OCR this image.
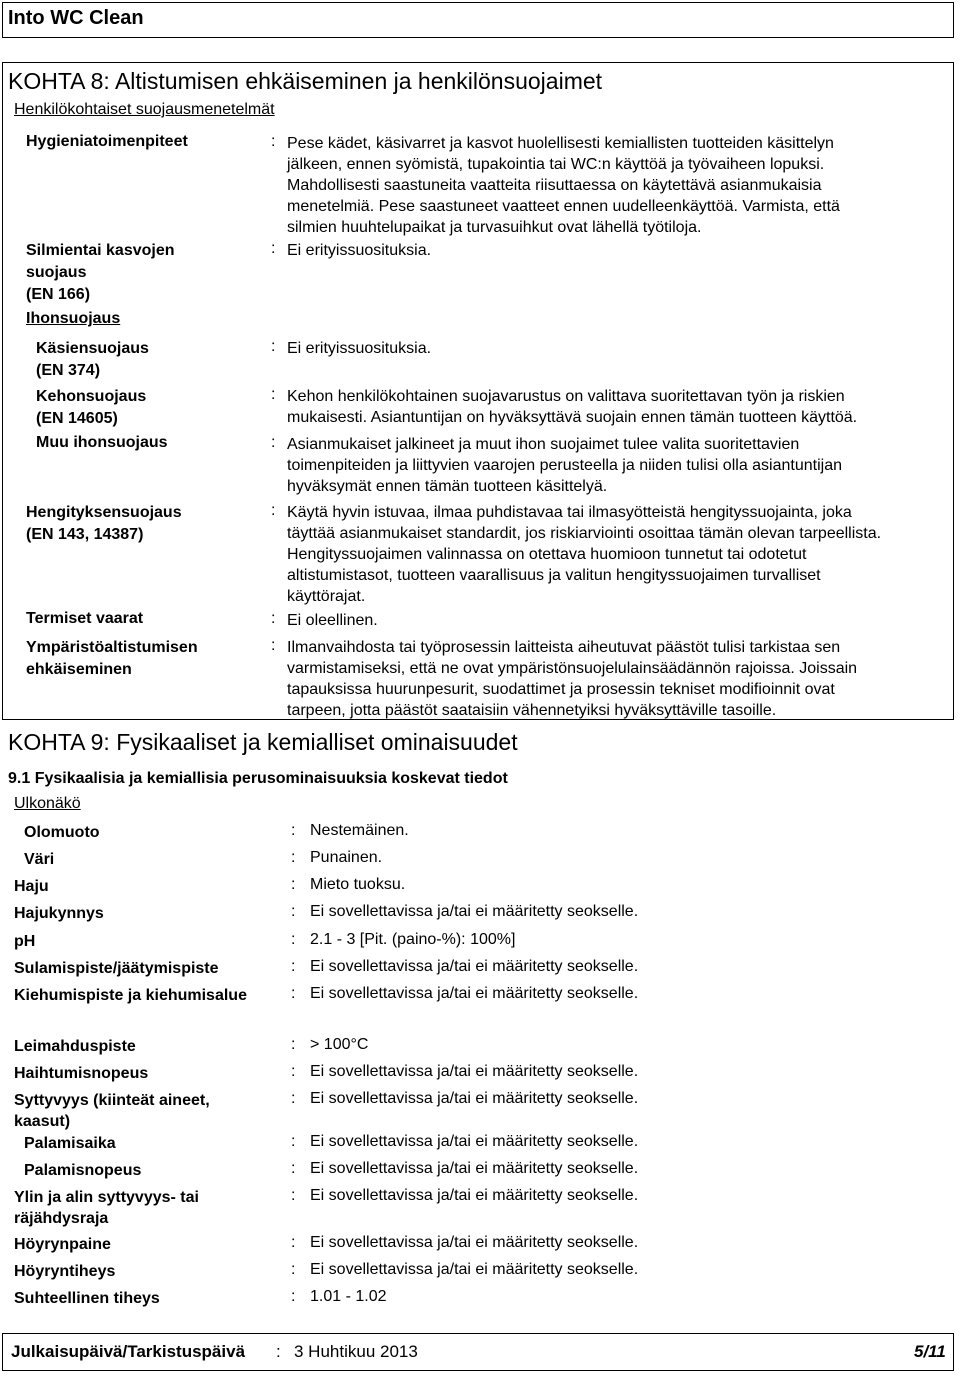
Into WC Clean
KOHTA 8: Altistumisen ehkäiseminen ja henkilönsuojaimet
Henkilökohtaiset suojausmenetelmät
Hygieniatoimenpiteet	: Pese kädet, käsivarret ja kasvot huolellisesti kemiallisten tuotteiden käsittelyn
jälkeen, ennen syömistä, tupakointia tai WC:n käyttöä ja työvaiheen lopuksi.
Mahdollisesti saastuneita vaatteita riisuttaessa on käytettävä asianmukaisia
menetelmiä. Pese saastuneet vaatteet ennen uudelleenkäyttöä. Varmista, että
silmien huuhtelupaikat ja turvasuihkut ovat lähellä työtiloja.
Silmientai kasvojen
suojaus
(EN 166)
: Ei erityissuosituksia.
Ihonsuojaus
Käsiensuojaus
(EN 374)
: Ei erityissuosituksia.
Kehonsuojaus
(EN 14605)
: Kehon henkilökohtainen suojavarustus on valittava suoritettavan työn ja riskien
mukaisesti. Asiantuntijan on hyväksyttävä suojain ennen tämän tuotteen käyttöä.
Muu ihonsuojaus	: Asianmukaiset jalkineet ja muut ihon suojaimet tulee valita suoritettavien
toimenpiteiden ja liittyvien vaarojen perusteella ja niiden tulisi olla asiantuntijan
hyväksymät ennen tämän tuotteen käsittelyä.
Hengityksensuojaus
(EN 143, 14387)
: Käytä hyvin istuvaa, ilmaa puhdistavaa tai ilmasyötteistä hengityssuojainta, joka
täyttää asianmukaiset standardit, jos riskiarviointi osoittaa tämän olevan tarpeellista.
Hengityssuojaimen valinnassa on otettava huomioon tunnetut tai odotetut
altistumistasot, tuotteen vaarallisuus ja valitun hengityssuojaimen turvalliset
käyttörajat.
Termiset vaarat	: Ei oleellinen.
Ympäristöaltistumisen
ehkäiseminen
: Ilmanvaihdosta tai työprosessin laitteista aiheutuvat päästöt tulisi tarkistaa sen
varmistamiseksi, että ne ovat ympäristönsuojelulainsäädännön rajoissa. Joissain
tapauksissa huurunpesurit, suodattimet ja prosessin tekniset modifioinnit ovat
tarpeen, jotta päästöt saataisiin vähennetyiksi hyväksyttäville tasoille.
KOHTA 9: Fysikaaliset ja kemialliset ominaisuudet
9.1 Fysikaalisia ja kemiallisia perusominaisuuksia koskevat tiedot
Ulkonäkö
Olomuoto	: Nestemäinen.
Väri	: Punainen.
Haju	: Mieto tuoksu.
Hajukynnys	: Ei sovellettavissa ja/tai ei määritetty seokselle.
pH	: 2.1 - 3 [Pit. (paino-%): 100%]
Sulamispiste/jäätymispiste	: Ei sovellettavissa ja/tai ei määritetty seokselle.
Kiehumispiste ja kiehumisalue	: Ei sovellettavissa ja/tai ei määritetty seokselle.
Leimahduspiste	: > 100°C
Haihtumisnopeus	: Ei sovellettavissa ja/tai ei määritetty seokselle.
Syttyvyys (kiinteät aineet,
kaasut)
: Ei sovellettavissa ja/tai ei määritetty seokselle.
Palamisaika	: Ei sovellettavissa ja/tai ei määritetty seokselle.
Palamisnopeus	: Ei sovellettavissa ja/tai ei määritetty seokselle.
Ylin ja alin syttyvyys- tai
räjähdysraja
: Ei sovellettavissa ja/tai ei määritetty seokselle.
Höyrynpaine	: Ei sovellettavissa ja/tai ei määritetty seokselle.
Höyryntiheys	: Ei sovellettavissa ja/tai ei määritetty seokselle.
Suhteellinen tiheys	: 1.01 - 1.02
Julkaisupäivä/Tarkistuspäivä : 3 Huhtikuu 2013	5/11
